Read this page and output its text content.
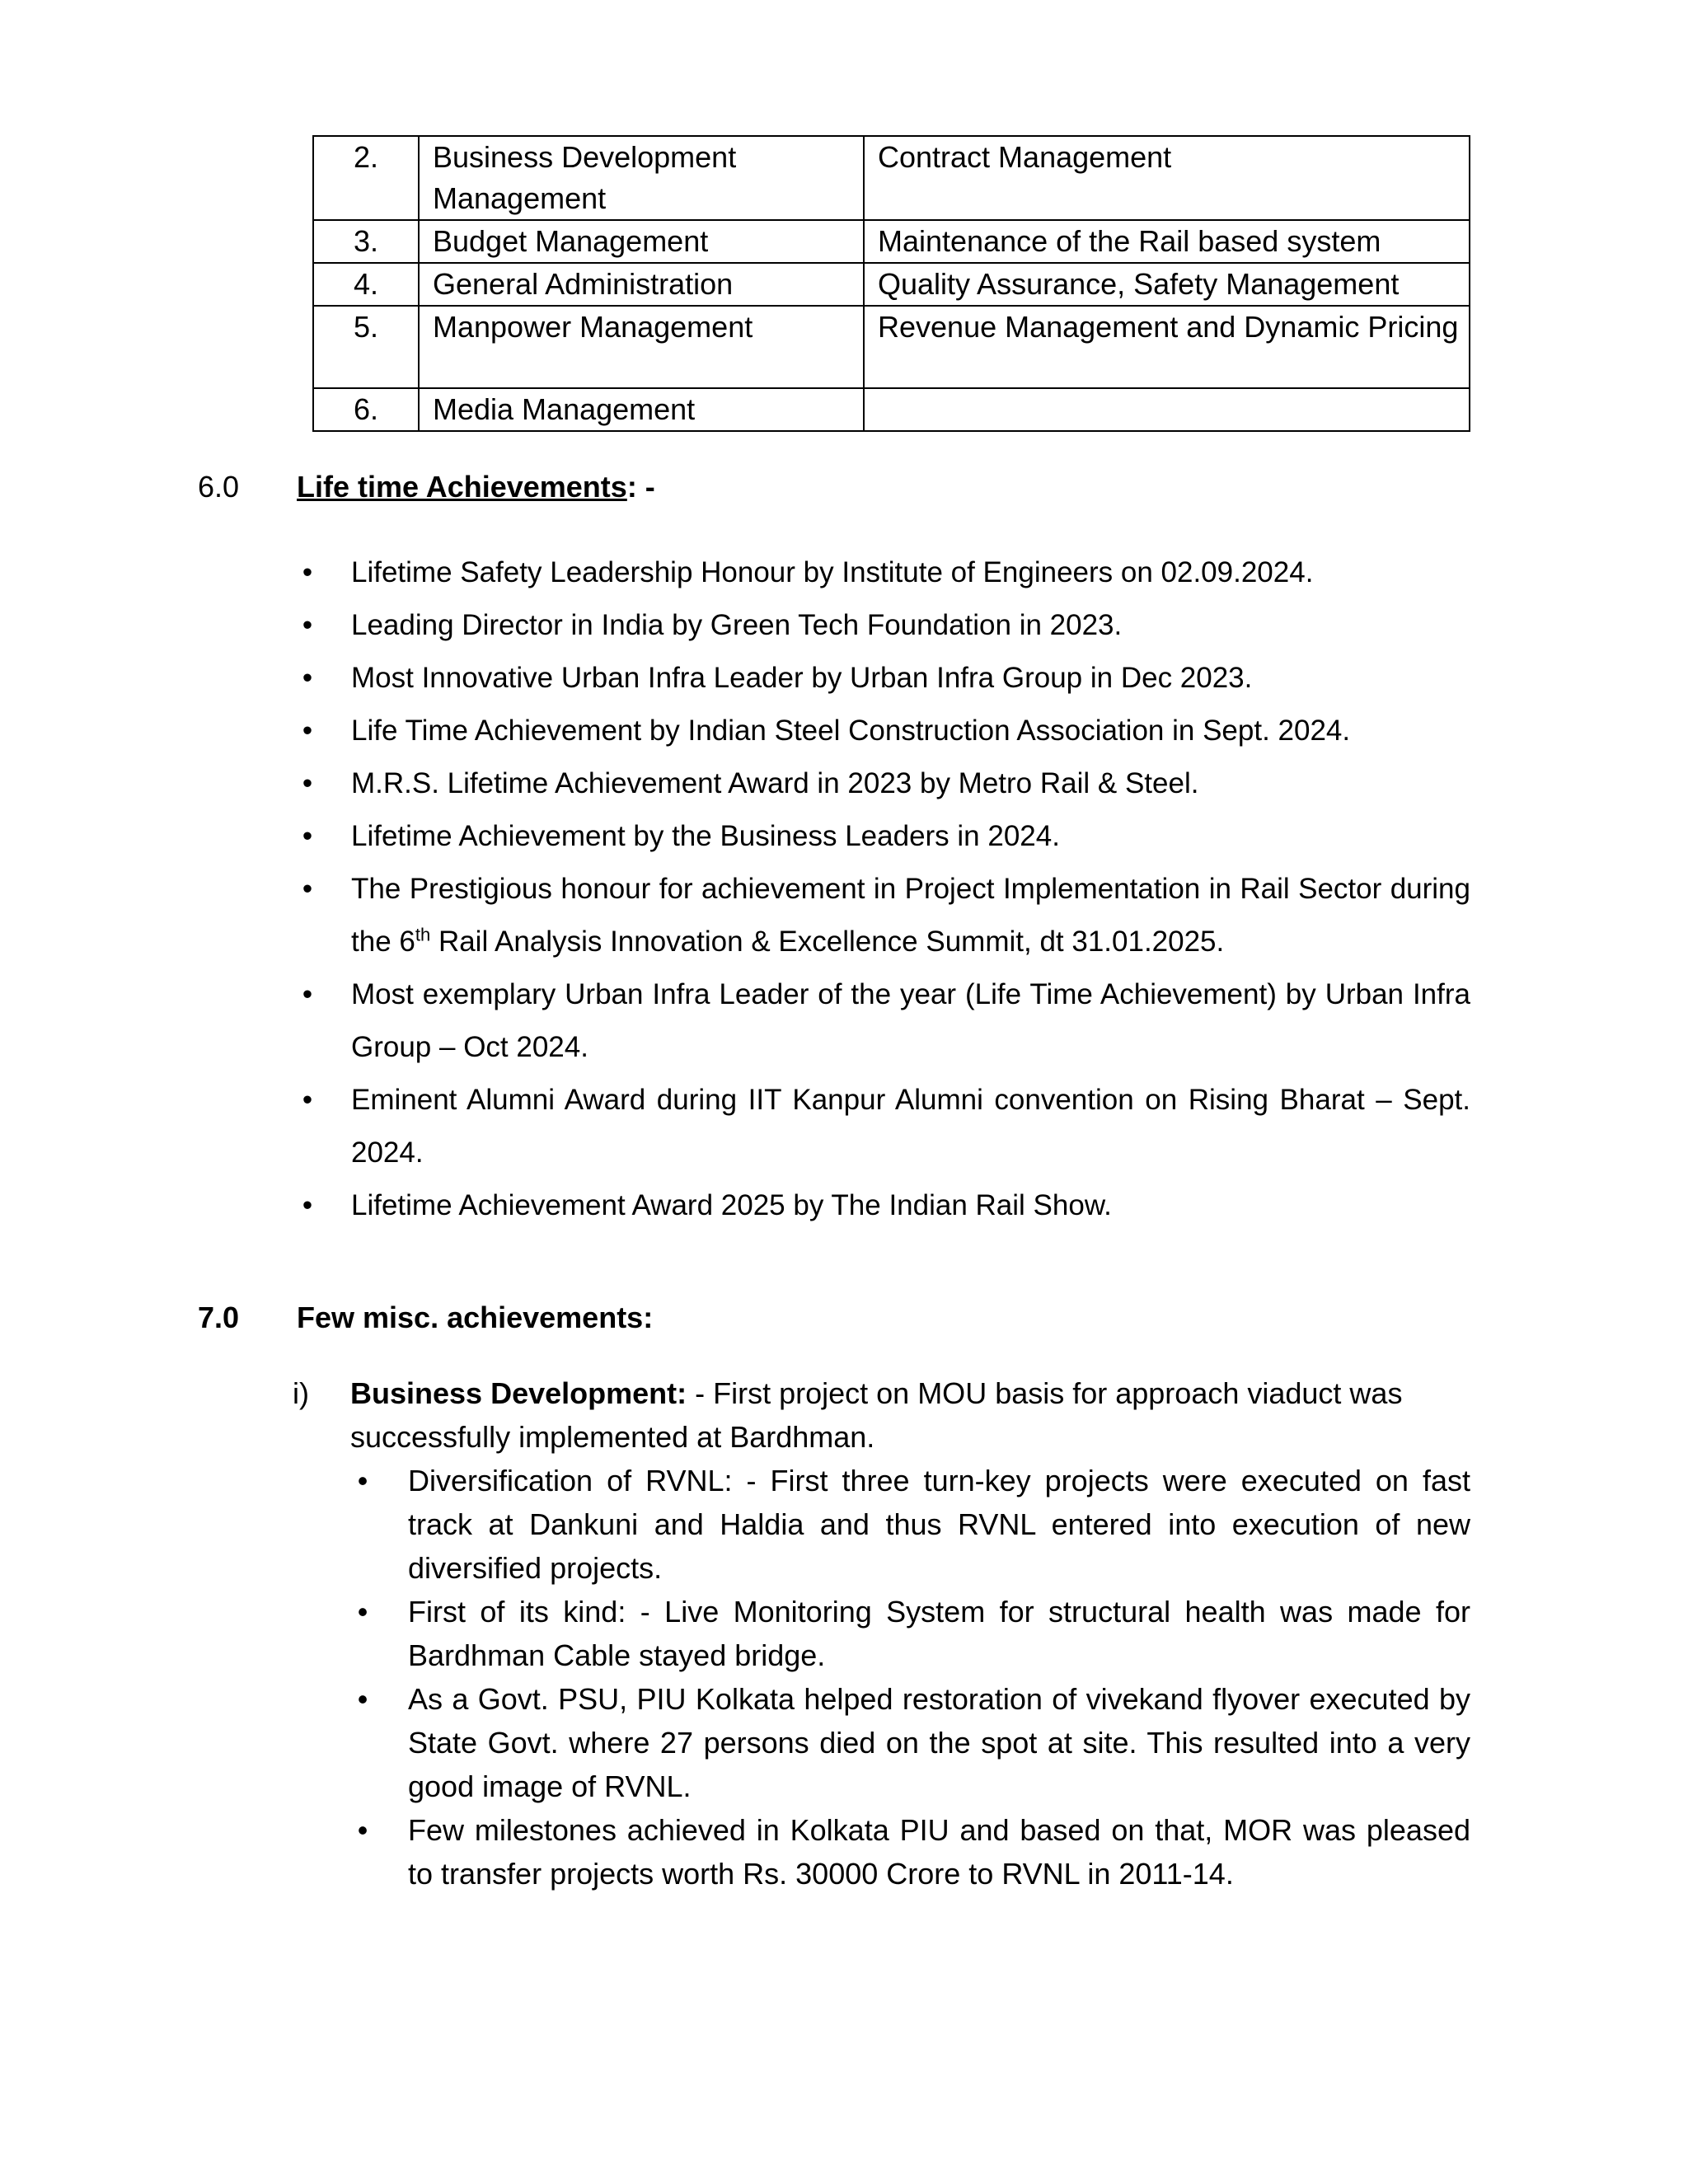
2.	Business Development Management	Contract Management
3.	Budget Management	Maintenance of the Rail based system
4.	General Administration	Quality Assurance, Safety Management
5.	Manpower Management	Revenue Management and Dynamic Pricing
6.	Media Management	
6.0 Life time Achievements: -
• Lifetime Safety Leadership Honour by Institute of Engineers on 02.09.2024.
• Leading Director in India by Green Tech Foundation in 2023.
• Most Innovative Urban Infra Leader by Urban Infra Group in Dec 2023.
• Life Time Achievement by Indian Steel Construction Association in Sept. 2024.
• M.R.S. Lifetime Achievement Award in 2023 by Metro Rail & Steel.
• Lifetime Achievement by the Business Leaders in 2024.
• The Prestigious honour for achievement in Project Implementation in Rail Sector during the 6th Rail Analysis Innovation & Excellence Summit, dt 31.01.2025.
• Most exemplary Urban Infra Leader of the year (Life Time Achievement) by Urban Infra Group – Oct 2024.
• Eminent Alumni Award during IIT Kanpur Alumni convention on Rising Bharat – Sept. 2024.
• Lifetime Achievement Award 2025 by The Indian Rail Show.
7.0 Few misc. achievements:
i) Business Development: - First project on MOU basis for approach viaduct was successfully implemented at Bardhman.
• Diversification of RVNL: - First three turn-key projects were executed on fast track at Dankuni and Haldia and thus RVNL entered into execution of new diversified projects.
• First of its kind: - Live Monitoring System for structural health was made for Bardhman Cable stayed bridge.
• As a Govt. PSU, PIU Kolkata helped restoration of vivekand flyover executed by State Govt. where 27 persons died on the spot at site. This resulted into a very good image of RVNL.
• Few milestones achieved in Kolkata PIU and based on that, MOR was pleased to transfer projects worth Rs. 30000 Crore to RVNL in 2011-14.
